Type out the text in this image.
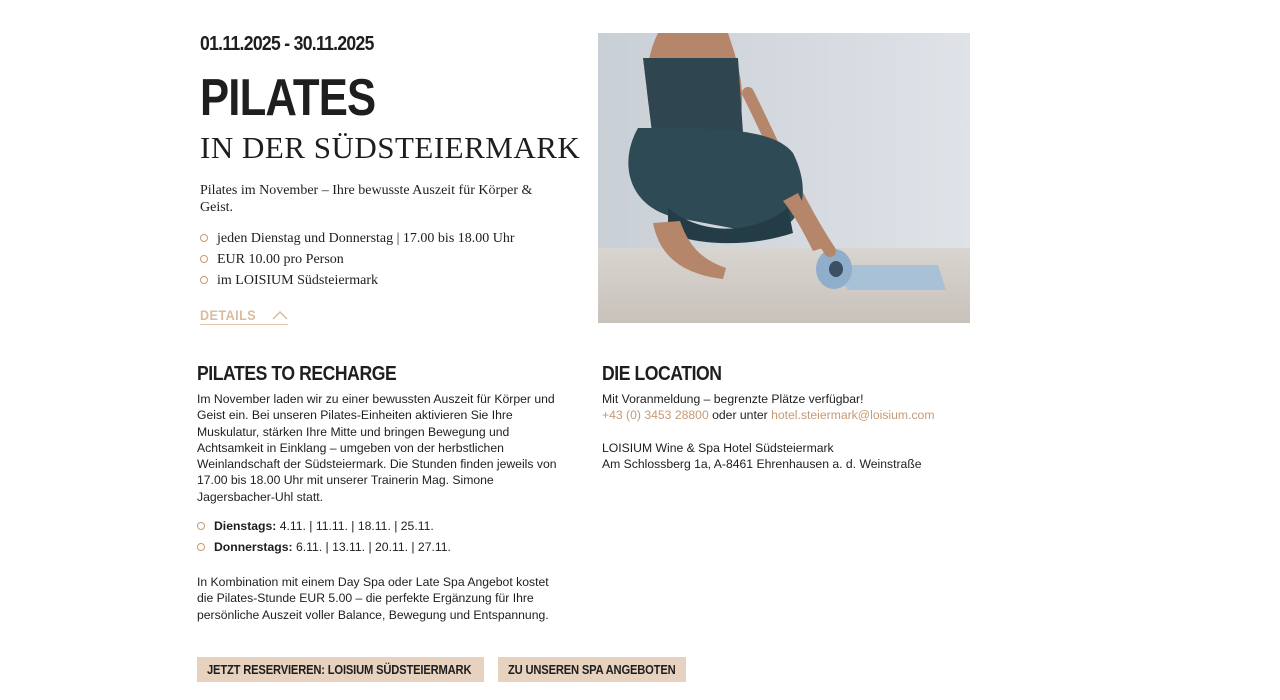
01.11.2025 - 30.11.2025
PILATES
IN DER SÜDSTEIERMARK
Pilates im November – Ihre bewusste Auszeit für Körper & Geist.
jeden Dienstag und Donnerstag | 17.00 bis 18.00 Uhr
EUR 10.00 pro Person
im LOISIUM Südsteiermark
DETAILS
PILATES TO RECHARGE
Im November laden wir zu einer bewussten Auszeit für Körper und Geist ein. Bei unseren Pilates-Einheiten aktivieren Sie Ihre Muskulatur, stärken Ihre Mitte und bringen Bewegung und Achtsamkeit in Einklang – umgeben von der herbstlichen Weinlandschaft der Südsteiermark. Die Stunden finden jeweils von 17.00 bis 18.00 Uhr mit unserer Trainerin Mag. Simone Jagersbacher-Uhl statt.
Dienstags: 4.11. | 11.11. | 18.11. | 25.11.
Donnerstags: 6.11. | 13.11. | 20.11. | 27.11.
In Kombination mit einem Day Spa oder Late Spa Angebot kostet die Pilates-Stunde EUR 5.00 – die perfekte Ergänzung für Ihre persönliche Auszeit voller Balance, Bewegung und Entspannung.
DIE LOCATION
Mit Voranmeldung – begrenzte Plätze verfügbar!
+43 (0) 3453 28800 oder unter hotel.steiermark@loisium.com
LOISIUM Wine & Spa Hotel Südsteiermark
Am Schlossberg 1a, A-8461 Ehrenhausen a. d. Weinstraße
JETZT RESERVIEREN: LOISIUM SÜDSTEIERMARK	ZU UNSEREN SPA ANGEBOTEN
